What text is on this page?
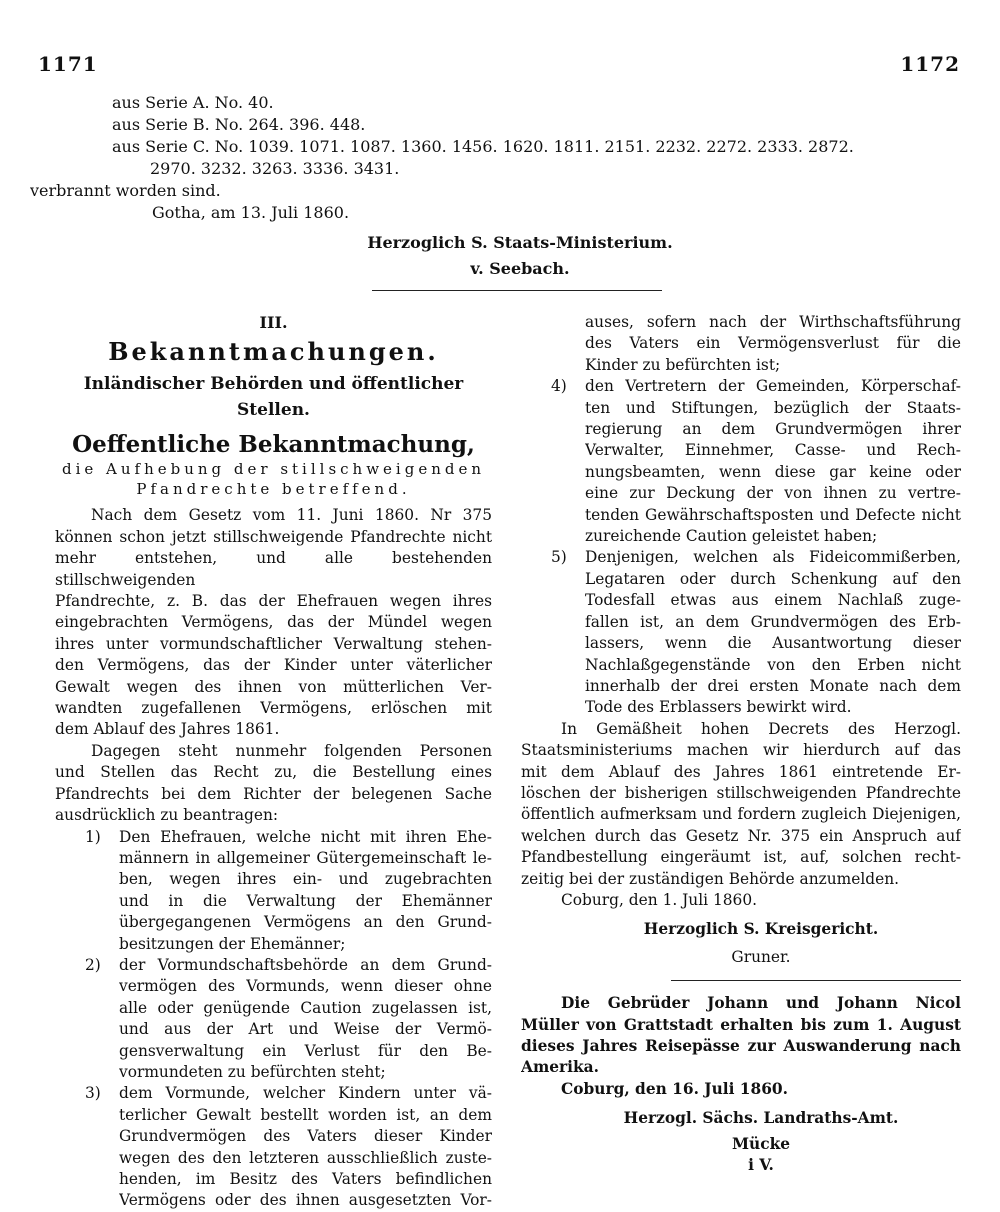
1171	1172
aus Serie A. No. 40.
aus Serie B. No. 264. 396. 448.
aus Serie C. No. 1039. 1071. 1087. 1360. 1456. 1620. 1811. 2151. 2232. 2272. 2333. 2872.
2970. 3232. 3263. 3336. 3431.
verbrannt worden sind.
Gotha, am 13. Juli 1860.
Herzoglich S. Staats-Ministerium.
v. Seebach.
III.
Bekanntmachungen.
Inländischer Behörden und öffentlicher Stellen.
Oeffentliche Bekanntmachung,
die Aufhebung der stillschweigenden
Pfandrechte betreffend.
Nach dem Gesetz vom 11. Juni 1860. Nr 375
können schon jetzt stillschweigende Pfandrechte nicht
mehr entstehen, und alle bestehenden stillschweigenden
Pfandrechte, z. B. das der Ehefrauen wegen ihres
eingebrachten Vermögens, das der Mündel wegen
ihres unter vormundschaftlicher Verwaltung stehen-
den Vermögens, das der Kinder unter väterlicher
Gewalt wegen des ihnen von mütterlichen Ver-
wandten zugefallenen Vermögens, erlöschen mit
dem Ablauf des Jahres 1861.
Dagegen steht nunmehr folgenden Personen
und Stellen das Recht zu, die Bestellung eines
Pfandrechts bei dem Richter der belegenen Sache
ausdrücklich zu beantragen:
1)	Den Ehefrauen, welche nicht mit ihren Ehe-
männern in allgemeiner Gütergemeinschaft le-
ben, wegen ihres ein- und zugebrachten
und in die Verwaltung der Ehemänner
übergegangenen Vermögens an den Grund-
besitzungen der Ehemänner;
2)	der Vormundschaftsbehörde an dem Grund-
vermögen des Vormunds, wenn dieser ohne
alle oder genügende Caution zugelassen ist,
und aus der Art und Weise der Vermö-
gensverwaltung ein Verlust für den Be-
vormundeten zu befürchten steht;
3)	dem Vormunde, welcher Kindern unter vä-
terlicher Gewalt bestellt worden ist, an dem
Grundvermögen des Vaters dieser Kinder
wegen des den letzteren ausschließlich zuste-
henden, im Besitz des Vaters befindlichen
Vermögens oder des ihnen ausgesetzten Vor-
auses, sofern nach der Wirthschaftsführung
des Vaters ein Vermögensverlust für die
Kinder zu befürchten ist;
4)	den Vertretern der Gemeinden, Körperschaf-
ten und Stiftungen, bezüglich der Staats-
regierung an dem Grundvermögen ihrer
Verwalter, Einnehmer, Casse- und Rech-
nungsbeamten, wenn diese gar keine oder
eine zur Deckung der von ihnen zu vertre-
tenden Gewährschaftsposten und Defecte nicht
zureichende Caution geleistet haben;
5)	Denjenigen, welchen als Fideicommißerben,
Legataren oder durch Schenkung auf den
Todesfall etwas aus einem Nachlaß zuge-
fallen ist, an dem Grundvermögen des Erb-
lassers, wenn die Ausantwortung dieser
Nachlaßgegenstände von den Erben nicht
innerhalb der drei ersten Monate nach dem
Tode des Erblassers bewirkt wird.
In Gemäßheit hohen Decrets des Herzogl.
Staatsministeriums machen wir hierdurch auf das
mit dem Ablauf des Jahres 1861 eintretende Er-
löschen der bisherigen stillschweigenden Pfandrechte
öffentlich aufmerksam und fordern zugleich Diejenigen,
welchen durch das Gesetz Nr. 375 ein Anspruch auf
Pfandbestellung eingeräumt ist, auf, solchen recht-
zeitig bei der zuständigen Behörde anzumelden.
Coburg, den 1. Juli 1860.
Herzoglich S. Kreisgericht.
Gruner.
Die Gebrüder Johann und Johann Nicol
Müller von Grattstadt erhalten bis zum 1. August
dieses Jahres Reisepässe zur Auswanderung nach
Amerika.
Coburg, den 16. Juli 1860.
Herzogl. Sächs. Landraths-Amt.
Mücke
i V.
